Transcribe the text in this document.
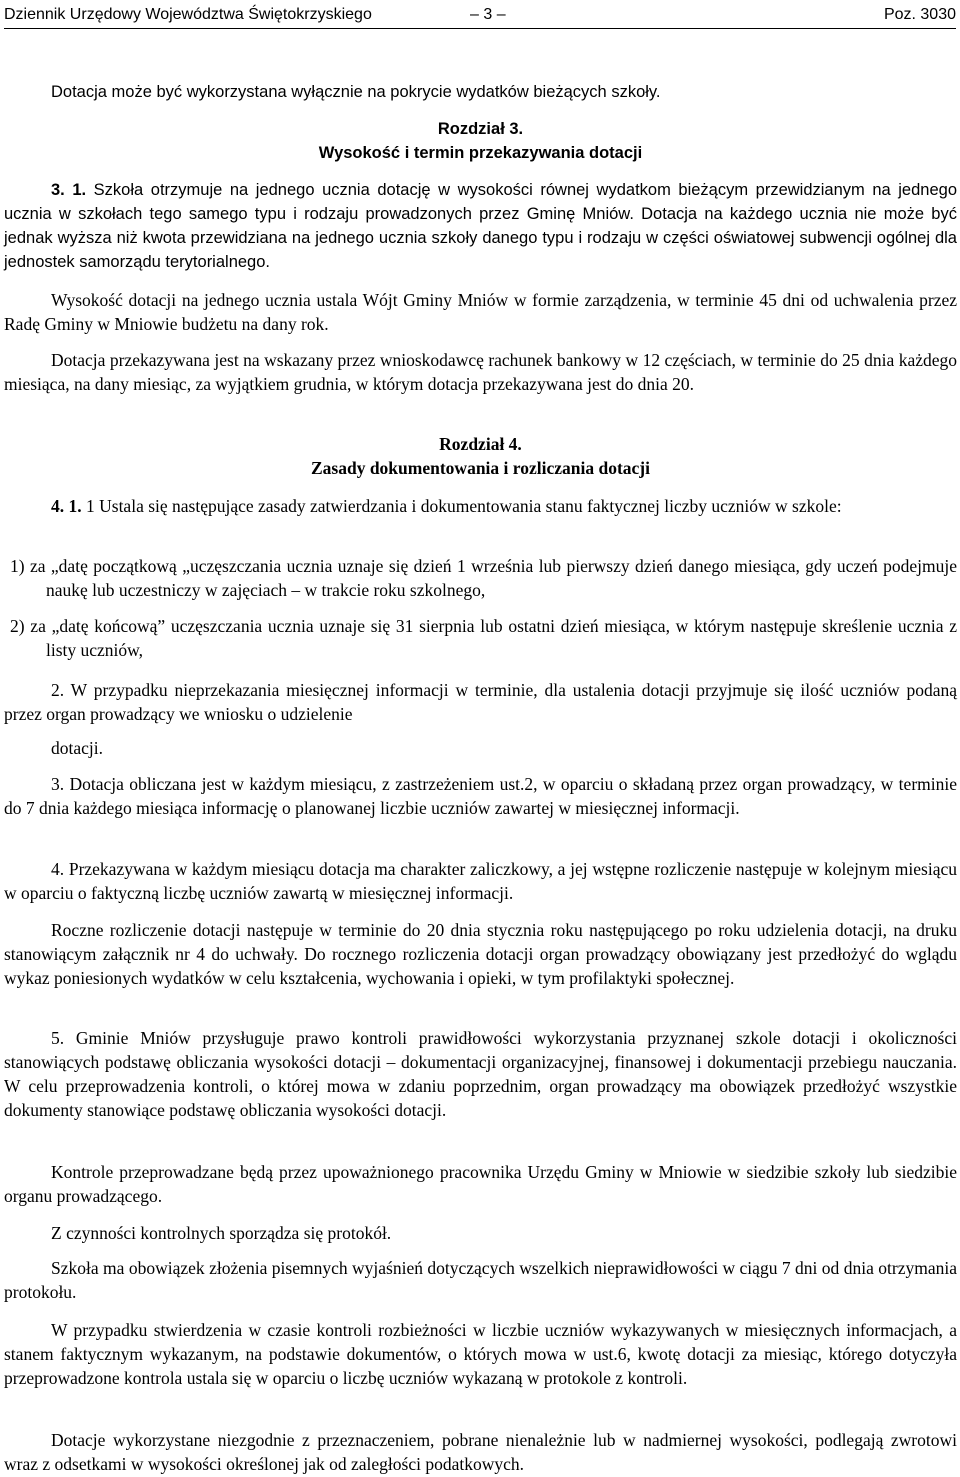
Dziennik Urzędowy Województwa Świętokrzyskiego	– 3 –	Poz. 3030

Dotacja może być wykorzystana wyłącznie na pokrycie wydatków bieżących szkoły.

Rozdział 3.

Wysokość i termin przekazywania dotacji

3. 1. Szkoła otrzymuje na jednego ucznia dotację w wysokości równej wydatkom bieżącym przewidzianym na jednego ucznia w szkołach tego samego typu i rodzaju prowadzonych przez Gminę Mniów. Dotacja na każdego ucznia nie może być jednak wyższa niż kwota przewidziana na jednego ucznia szkoły danego typu i rodzaju w części oświatowej subwencji ogólnej dla jednostek samorządu terytorialnego.

Wysokość dotacji na jednego ucznia ustala Wójt Gminy Mniów w formie zarządzenia, w terminie 45 dni od uchwalenia przez Radę Gminy w Mniowie budżetu na dany rok.

Dotacja przekazywana jest na wskazany przez wnioskodawcę rachunek bankowy w 12 częściach, w terminie do 25 dnia każdego miesiąca, na dany miesiąc, za wyjątkiem grudnia, w którym dotacja przekazywana jest do dnia 20.

Rozdział 4.

Zasady dokumentowania i rozliczania dotacji

4. 1. 1 Ustala się następujące zasady zatwierdzania i dokumentowania stanu faktycznej liczby uczniów w szkole:

1) za „datę początkową „uczęszczania ucznia uznaje się dzień 1 września lub pierwszy dzień danego miesiąca, gdy uczeń podejmuje naukę lub uczestniczy w zajęciach – w trakcie roku szkolnego,

2) za „datę końcową” uczęszczania ucznia uznaje się 31 sierpnia lub ostatni dzień miesiąca, w którym następuje skreślenie ucznia z listy uczniów,

2. W przypadku nieprzekazania miesięcznej informacji w terminie, dla ustalenia dotacji przyjmuje się ilość uczniów podaną przez organ prowadzący we wniosku o udzielenie

dotacji.

3. Dotacja obliczana jest w każdym miesiącu, z zastrzeżeniem ust.2, w oparciu o składaną przez organ prowadzący, w terminie do 7 dnia każdego miesiąca informację o planowanej liczbie uczniów zawartej w miesięcznej informacji.

4. Przekazywana w każdym miesiącu dotacja ma charakter zaliczkowy, a jej wstępne rozliczenie następuje w kolejnym miesiącu w oparciu o faktyczną liczbę uczniów zawartą w miesięcznej informacji.

Roczne rozliczenie dotacji następuje w terminie do 20 dnia stycznia roku następującego po roku udzielenia dotacji, na druku stanowiącym załącznik nr 4 do uchwały. Do rocznego rozliczenia dotacji organ prowadzący obowiązany jest przedłożyć do wglądu wykaz poniesionych wydatków w celu kształcenia, wychowania i opieki, w tym profilaktyki społecznej.

5. Gminie Mniów przysługuje prawo kontroli prawidłowości wykorzystania przyznanej szkole dotacji i okoliczności stanowiących podstawę obliczania wysokości dotacji – dokumentacji organizacyjnej, finansowej i dokumentacji przebiegu nauczania. W celu przeprowadzenia kontroli, o której mowa w zdaniu poprzednim, organ prowadzący ma obowiązek przedłożyć wszystkie dokumenty stanowiące podstawę obliczania wysokości dotacji.

Kontrole przeprowadzane będą przez upoważnionego pracownika Urzędu Gminy w Mniowie w siedzibie szkoły lub siedzibie organu prowadzącego.

Z czynności kontrolnych sporządza się protokół.

Szkoła ma obowiązek złożenia pisemnych wyjaśnień dotyczących wszelkich nieprawidłowości w ciągu 7 dni od dnia otrzymania protokołu.

W przypadku stwierdzenia w czasie kontroli rozbieżności w liczbie uczniów wykazywanych w miesięcznych informacjach, a stanem faktycznym wykazanym, na podstawie dokumentów, o których mowa w ust.6, kwotę dotacji za miesiąc, którego dotyczyła przeprowadzone kontrola ustala się w oparciu o liczbę uczniów wykazaną w protokole z kontroli.

Dotacje wykorzystane niezgodnie z przeznaczeniem, pobrane nienależnie lub w nadmiernej wysokości, podlegają zwrotowi wraz z odsetkami w wysokości określonej jak od zaległości podatkowych.
